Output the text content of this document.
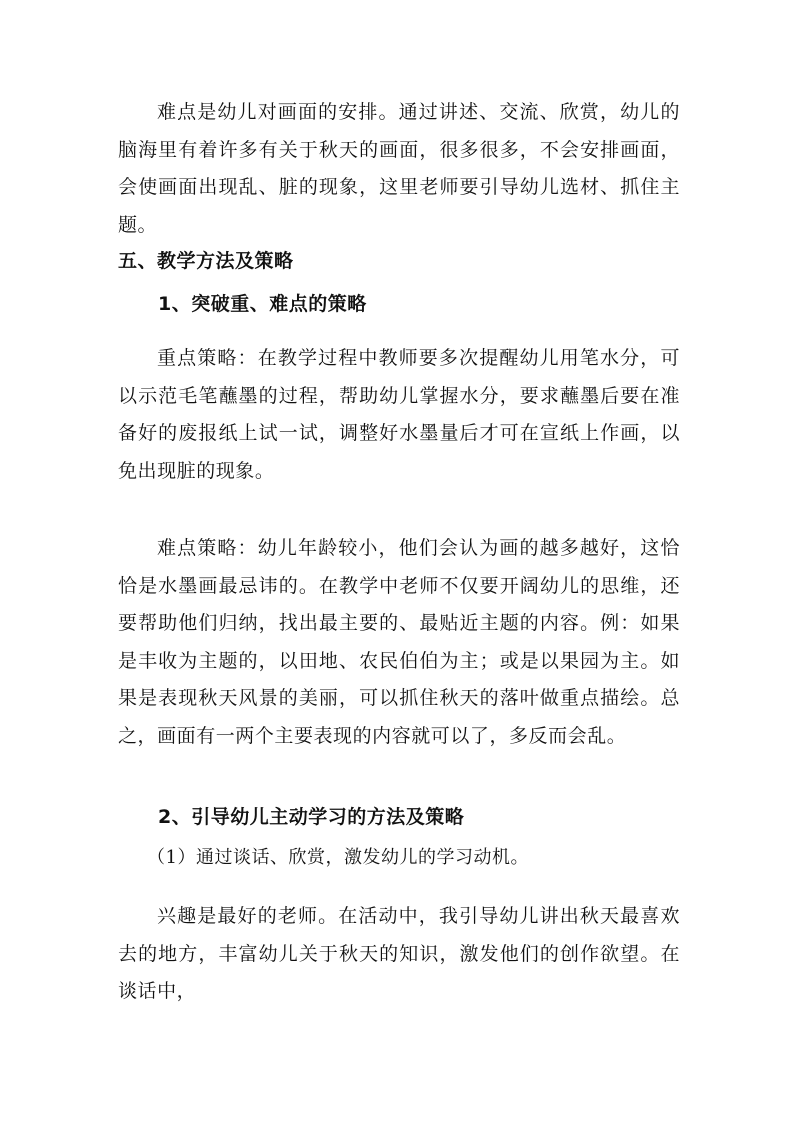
难点是幼儿对画面的安排。通过讲述、交流、欣赏，幼儿的脑海里有着许多有关于秋天的画面，很多很多，不会安排画面，会使画面出现乱、脏的现象，这里老师要引导幼儿选材、抓住主题。

五、教学方法及策略

1、突破重、难点的策略

重点策略：在教学过程中教师要多次提醒幼儿用笔水分，可以示范毛笔蘸墨的过程，帮助幼儿掌握水分，要求蘸墨后要在准备好的废报纸上试一试，调整好水墨量后才可在宣纸上作画，以免出现脏的现象。

难点策略：幼儿年龄较小，他们会认为画的越多越好，这恰恰是水墨画最忌讳的。在教学中老师不仅要开阔幼儿的思维，还要帮助他们归纳，找出最主要的、最贴近主题的内容。例：如果是丰收为主题的，以田地、农民伯伯为主；或是以果园为主。如果是表现秋天风景的美丽，可以抓住秋天的落叶做重点描绘。总之，画面有一两个主要表现的内容就可以了，多反而会乱。

2、引导幼儿主动学习的方法及策略

（1）通过谈话、欣赏，激发幼儿的学习动机。

兴趣是最好的老师。在活动中，我引导幼儿讲出秋天最喜欢去的地方，丰富幼儿关于秋天的知识，激发他们的创作欲望。在谈话中，
